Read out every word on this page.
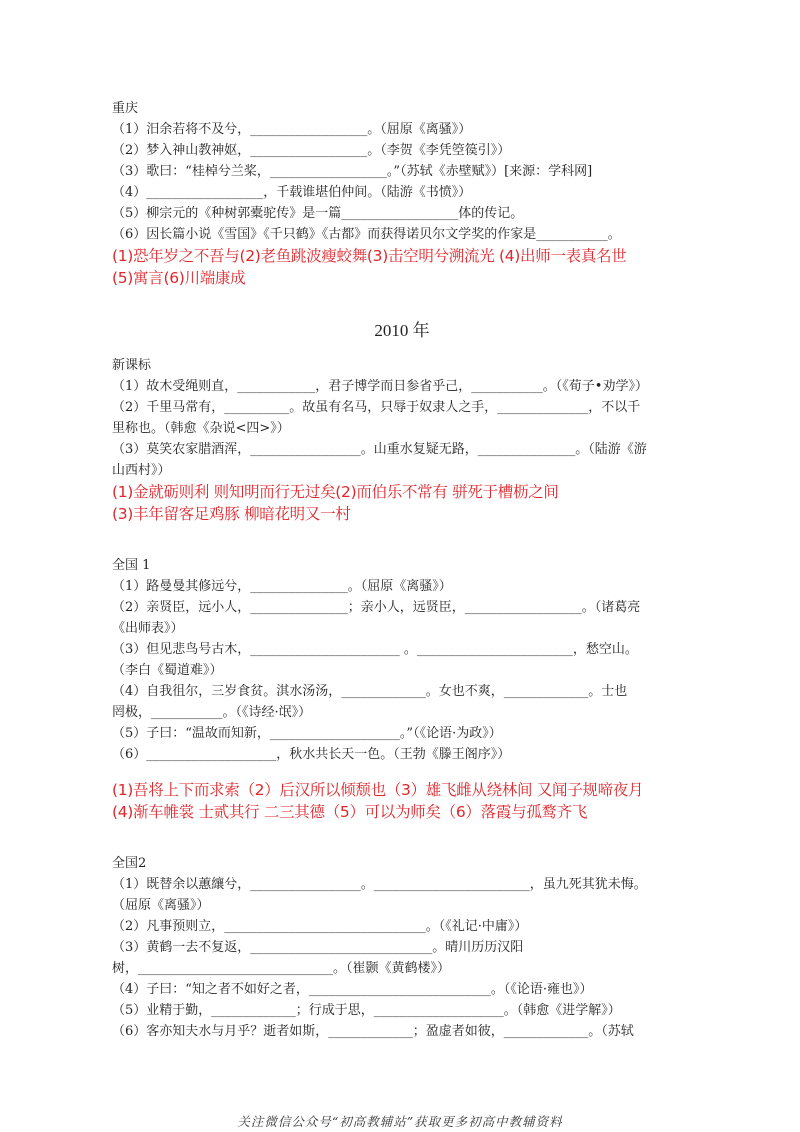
重庆
（1）汨余若将不及兮，__________________。（屈原《离骚》）
（2）梦入神山教神妪，__________________。（李贺《李凭箜篌引》）
（3）歌曰：“桂棹兮兰桨，__________________。”（苏轼《赤壁赋》）[来源：学科网]
（4）__________________，千载谁堪伯仲间。（陆游《书愤》）
（5）柳宗元的《种树郭橐驼传》是一篇__________________体的传记。
（6）因长篇小说《雪国》《千只鹤》《古都》而获得诺贝尔文学奖的作家是___________。
(1)恐年岁之不吾与(2)老鱼跳波瘦蛟舞(3)击空明兮溯流光 (4)出师一表真名世
(5)寓言(6)川端康成
2010 年
新课标
（1）故木受绳则直，____________，君子博学而日参省乎己，___________。（《荀子•劝学》）
（2）千里马常有，__________。故虽有名马，只辱于奴隶人之手，______________，不以千
里称也。（韩愈《杂说<四>》）
（3）莫笑农家腊酒浑，_________________。山重水复疑无路，_______________。（陆游《游
山西村》）
(1)金就砺则利 则知明而行无过矣(2)而伯乐不常有 骈死于槽枥之间
(3)丰年留客足鸡豚 柳暗花明又一村
全国 1
（1）路曼曼其修远兮，_______________。（屈原《离骚》）
（2）亲贤臣，远小人，_______________；亲小人，远贤臣，__________________。（诸葛亮
《出师表》）
（3）但见悲鸟号古木，_______________________ 。________________________，愁空山。
（李白《蜀道难》）
（4）自我徂尔，三岁食贫。淇水汤汤，_____________。女也不爽，_____________。士也
罔极，___________。（《诗经·氓》）
（5）子曰：“温故而知新，____________________。”（《论语·为政》）
（6）____________________，秋水共长天一色。（王勃《滕王阁序》）
(1)吾将上下而求索（2）后汉所以倾颓也（3）雄飞雌从绕林间 又闻子规啼夜月
(4)渐车帷裳 士贰其行 二三其德（5）可以为师矣（6）落霞与孤鹜齐飞
全国2
（1）既替余以蕙纕兮，_________________。________________________，虽九死其犹未悔。
（屈原《离骚》）
（2）凡事预则立，_______________________________。（《礼记·中庸》）
（3）黄鹤一去不复返，____________________________。晴川历历汉阳
树，______________________________。（崔颢《黄鹤楼》）
（4）子曰：“知之者不如好之者，____________________________。（《论语·雍也》）
（5）业精于勤，_____________；行成于思，____________________。（韩愈《进学解》）
（6）客亦知夫水与月乎？逝者如斯，_____________；盈虚者如彼，_____________。（苏轼
关注微信公众号“初高教辅站”获取更多初高中教辅资料
